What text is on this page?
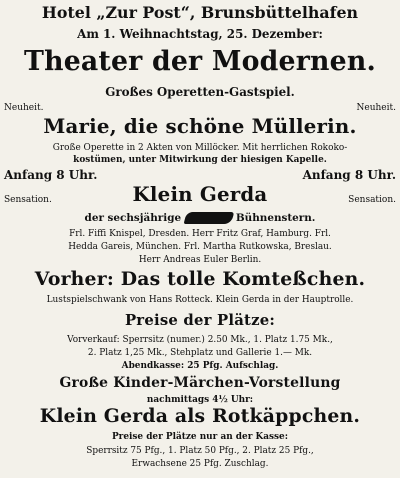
Hotel „Zur Post“, Brunsbüttelhafen
Am 1. Weihnachtstag, 25. Dezember:
Theater der Modernen.
Großes Operetten-Gastspiel.
Neuheit.	Neuheit.
Marie, die schöne Müllerin.
Große Operette in 2 Akten von Millöcker. Mit herrlichen Rokoko-
kostümen, unter Mitwirkung der hiesigen Kapelle.
Anfang 8 Uhr.	Anfang 8 Uhr.
Sensation.	Sensation.
Klein Gerda
der sechsjährige	Bühnenstern.
Frl. Fiffi Knispel, Dresden. Herr Fritz Graf, Hamburg. Frl.
Hedda Gareis, München. Frl. Martha Rutkowska, Breslau.
Herr Andreas Euler Berlin.
Vorher: Das tolle Komteßchen.
Lustspielschwank von Hans Rotteck. Klein Gerda in der Hauptrolle.
Preise der Plätze:
Vorverkauf: Sperrsitz (numer.) 2.50 Mk., 1. Platz 1.75 Mk.,
2. Platz 1,25 Mk., Stehplatz und Gallerie 1.— Mk.
Abendkasse: 25 Pfg. Aufschlag.
Große Kinder-Märchen-Vorstellung
nachmittags 4½ Uhr:
Klein Gerda als Rotkäppchen.
Preise der Plätze nur an der Kasse:
Sperrsitz 75 Pfg., 1. Platz 50 Pfg., 2. Platz 25 Pfg.,
Erwachsene 25 Pfg. Zuschlag.
